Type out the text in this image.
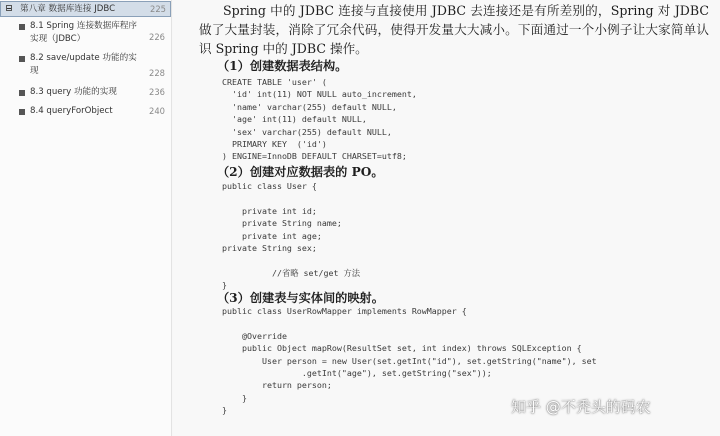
第八章 数据库连接 JDBC	225
8.1 Spring 连接数据库程序实现（JDBC）	226
8.2 save/update 功能的实现	228
8.3 query 功能的实现	236
8.4 queryForObject	240

Spring 中的 JDBC 连接与直接使用 JDBC 去连接还是有所差别的，Spring 对 JDBC 做了大量封装，消除了冗余代码，使得开发量大大减小。下面通过一个小例子让大家简单认识 Spring 中的 JDBC 操作。

（1）创建数据表结构。

CREATE TABLE 'user' (
'id' int(11) NOT NULL auto_increment,
'name' varchar(255) default NULL,
'age' int(11) default NULL,
'sex' varchar(255) default NULL,
PRIMARY KEY  ('id')
) ENGINE=InnoDB DEFAULT CHARSET=utf8;

（2）创建对应数据表的 PO。

public class User {
private int id;
private String name;
private int age;
private String sex;
//省略 set/get 方法
}

（3）创建表与实体间的映射。

public class UserRowMapper implements RowMapper {
@Override
public Object mapRow(ResultSet set, int index) throws SQLException {
User person = new User(set.getInt("id"), set.getString("name"), set
.getInt("age"), set.getString("sex"));
return person;
}
}	知乎 @不秃头的码农
